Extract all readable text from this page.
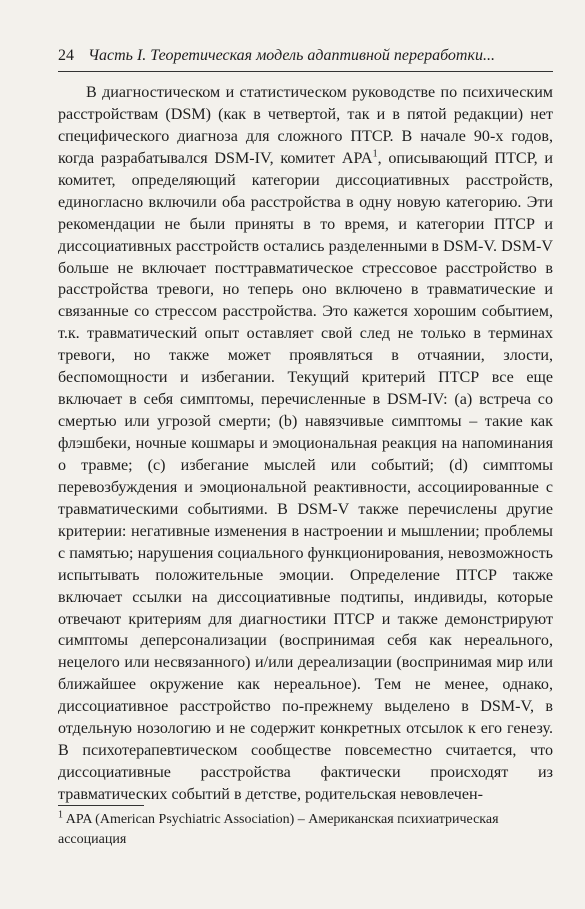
24 Часть I. Теоретическая модель адаптивной переработки...

В диагностическом и статистическом руководстве по психическим расстройствам (DSM) (как в четвертой, так и в пятой редакции) нет специфического диагноза для сложного ПТСР. В начале 90-х годов, когда разрабатывался DSM-IV, комитет APA$^1$, описывающий ПТСР, и комитет, определяющий категории диссоциативных расстройств, единогласно включили оба расстройства в одну новую категорию. Эти рекомендации не были приняты в то время, и категории ПТСР и диссоциативных расстройств остались разделенными в DSM-V. DSM-V больше не включает посттравматическое стрессовое расстройство в расстройства тревоги, но теперь оно включено в травматические и связанные со стрессом расстройства. Это кажется хорошим событием, т.к. травматический опыт оставляет свой след не только в терминах тревоги, но также может проявляться в отчаянии, злости, беспомощности и избегании. Текущий критерий ПТСР все еще включает в себя симптомы, перечисленные в DSM-IV: (a) встреча со смертью или угрозой смерти; (b) навязчивые симптомы – такие как флэшбеки, ночные кошмары и эмоциональная реакция на напоминания о травме; (c) избегание мыслей или событий; (d) симптомы перевозбуждения и эмоциональной реактивности, ассоциированные с травматическими событиями. В DSM-V также перечислены другие критерии: негативные изменения в настроении и мышлении; проблемы с памятью; нарушения социального функционирования, невозможность испытывать положительные эмоции. Определение ПТСР также включает ссылки на диссоциативные подтипы, индивиды, которые отвечают критериям для диагностики ПТСР и также демонстрируют симптомы деперсонализации (воспринимая себя как нереального, нецелого или несвязанного) и/или дереализации (воспринимая мир или ближайшее окружение как нереальное). Тем не менее, однако, диссоциативное расстройство по-прежнему выделено в DSM-V, в отдельную нозологию и не содержит конкретных отсылок к его генезу. В психотерапевтическом сообществе повсеместно считается, что диссоциативные расстройства фактически происходят из травматических событий в детстве, родительская невовлечен-

$^1$ APA (American Psychiatric Association) – Американская психиатрическая ассоциация
